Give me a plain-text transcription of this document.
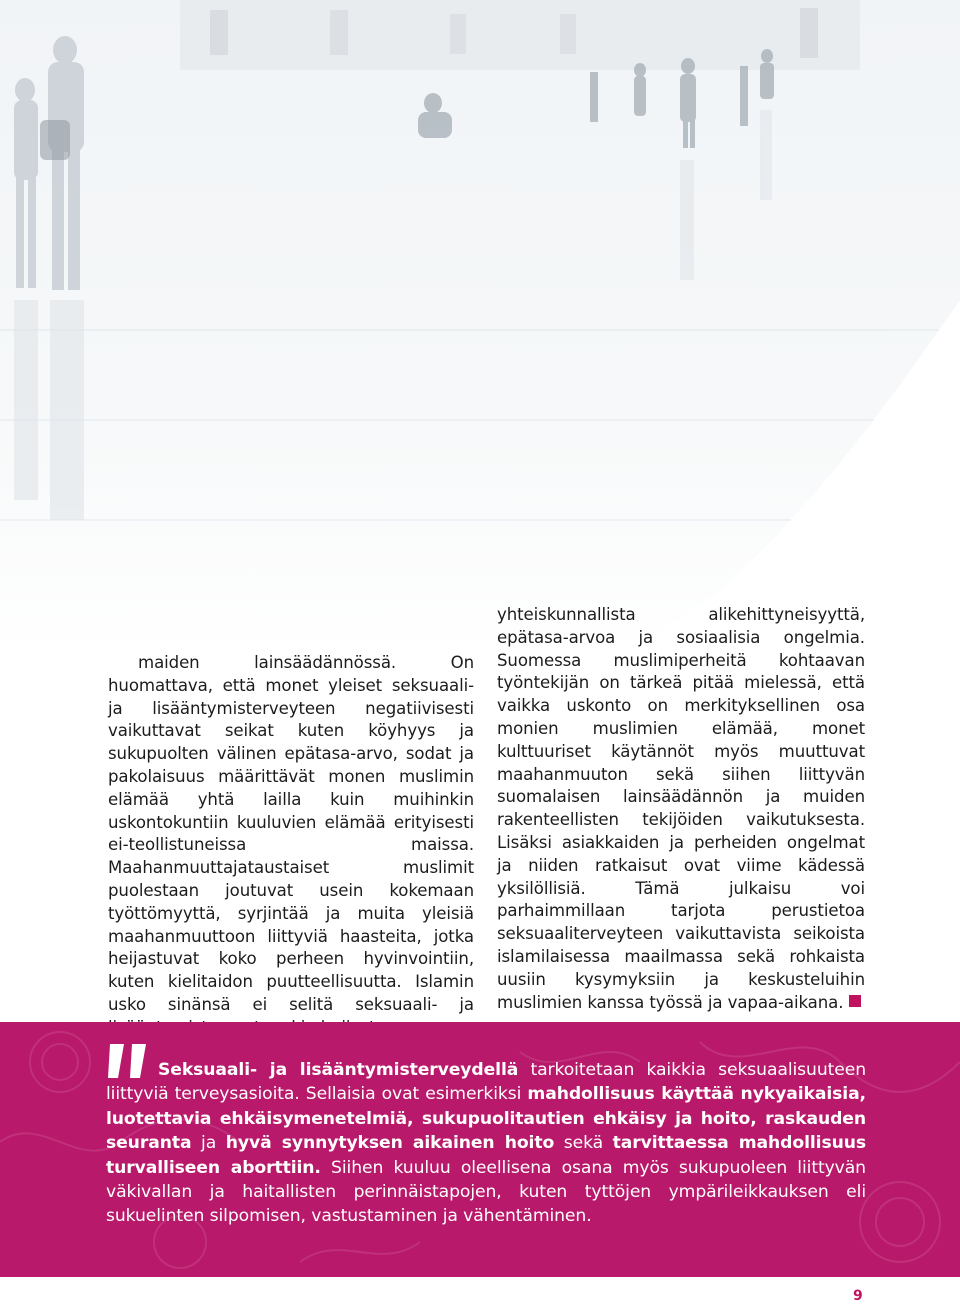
maiden lainsäädännössä. On huomattava, että monet yleiset seksuaali- ja lisääntymisterveyteen negatiivisesti vaikuttavat seikat kuten köyhyys ja sukupuolten välinen epätasa-arvo, sodat ja pakolaisuus määrittävät monen muslimin elämää yhtä lailla kuin muihinkin uskontokuntiin kuuluvien elämää erityisesti ei-teollistuneissa maissa. Maahanmuuttajataustaiset muslimit puolestaan joutuvat usein kokemaan työttömyyttä, syrjintää ja muita yleisiä maahanmuuttoon liittyviä haasteita, jotka heijastuvat koko perheen hyvinvointiin, kuten kielitaidon puutteellisuutta. Islamin usko sinänsä ei selitä seksuaali- ja

yhteiskunnallista alikehittyneisyyttä, epätasa-arvoa ja sosiaalisia ongelmia. Suomessa muslimiperheitä kohtaavan työntekijän on tärkeä pitää mielessä, että vaikka uskonto on merkityksellinen osa monien muslimien elämää, monet kulttuuriset käytännöt myös muuttuvat maahanmuuton sekä siihen liittyvän suomalaisen lainsäädännön ja muiden rakenteellisten tekijöiden vaikutuksesta. Lisäksi asiakkaiden ja perheiden ongelmat ja niiden ratkaisut ovat viime kädessä yksilöllisiä. Tämä julkaisu voi parhaimmillaan tarjota perustietoa seksuaaliterveyteen vaikuttavista seikoista islamilaisessa maailmassa sekä rohkaista uusiin kysymyksiin ja keskusteluihin muslimien kanssa työssä ja vapaa-aikana.

Seksuaali- ja lisääntymisterveydellä tarkoitetaan kaikkia seksuaalisuuteen liittyviä terveysasioita. Sellaisia ovat esimerkiksi mahdollisuus käyttää nykyaikaisia, luotettavia ehkäisymenetelmiä, sukupuolitautien ehkäisy ja hoito, raskauden seuranta ja hyvä synnytyksen aikainen hoito sekä tarvittaessa mahdollisuus turvalliseen aborttiin. Siihen kuuluu oleellisena osana myös sukupuoleen liittyvän väkivallan ja haitallisten perinnäistapojen, kuten tyttöjen ympärileikkauksen eli sukuelinten silpomisen, vastustaminen ja vähentäminen.
9
